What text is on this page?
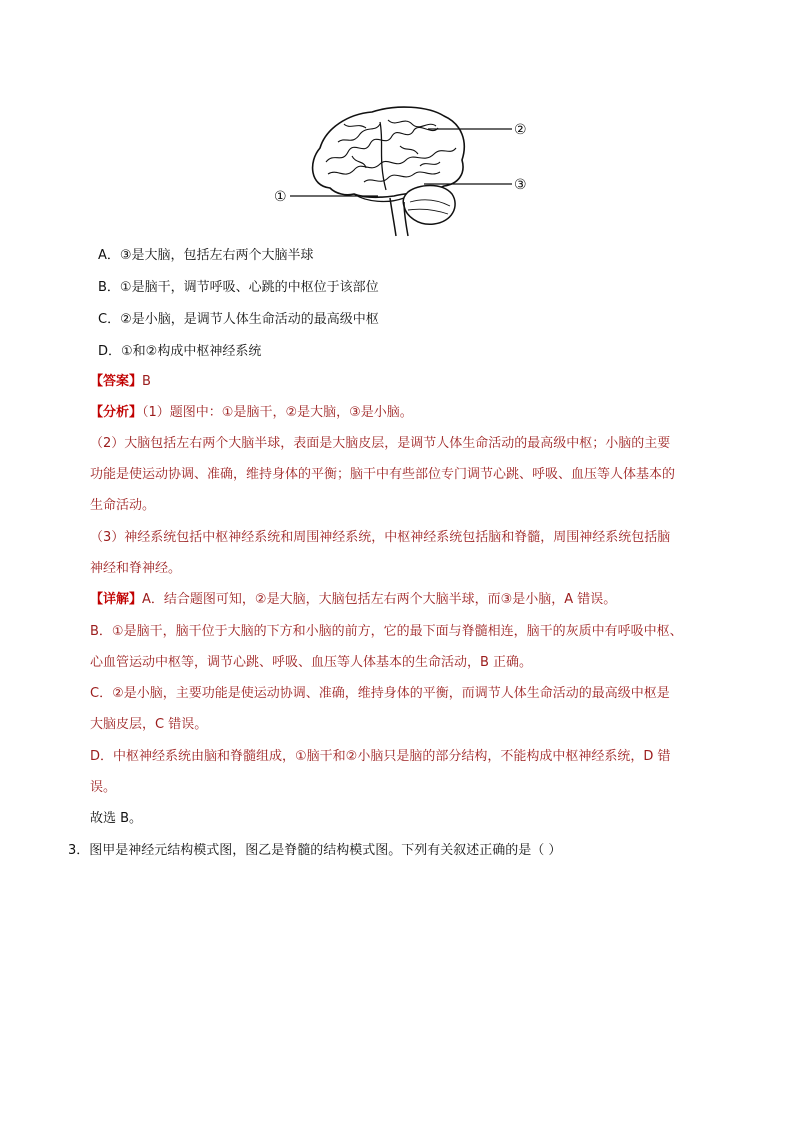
①
②
③
A．③是大脑，包括左右两个大脑半球
B．①是脑干，调节呼吸、心跳的中枢位于该部位
C．②是小脑，是调节人体生命活动的最高级中枢
D．①和②构成中枢神经系统
【答案】B
【分析】（1）题图中：①是脑干，②是大脑，③是小脑。
（2）大脑包括左右两个大脑半球，表面是大脑皮层，是调节人体生命活动的最高级中枢；小脑的主要
功能是使运动协调、准确，维持身体的平衡；脑干中有些部位专门调节心跳、呼吸、血压等人体基本的
生命活动。
（3）神经系统包括中枢神经系统和周围神经系统，中枢神经系统包括脑和脊髓，周围神经系统包括脑
神经和脊神经。
【详解】A．结合题图可知，②是大脑，大脑包括左右两个大脑半球，而③是小脑，A 错误。
B．①是脑干，脑干位于大脑的下方和小脑的前方，它的最下面与脊髓相连，脑干的灰质中有呼吸中枢、
心血管运动中枢等，调节心跳、呼吸、血压等人体基本的生命活动，B 正确。
C．②是小脑，主要功能是使运动协调、准确，维持身体的平衡，而调节人体生命活动的最高级中枢是
大脑皮层，C 错误。
D．中枢神经系统由脑和脊髓组成，①脑干和②小脑只是脑的部分结构，不能构成中枢神经系统，D 错
误。
故选 B。
3．图甲是神经元结构模式图，图乙是脊髓的结构模式图。下列有关叙述正确的是（ ）
